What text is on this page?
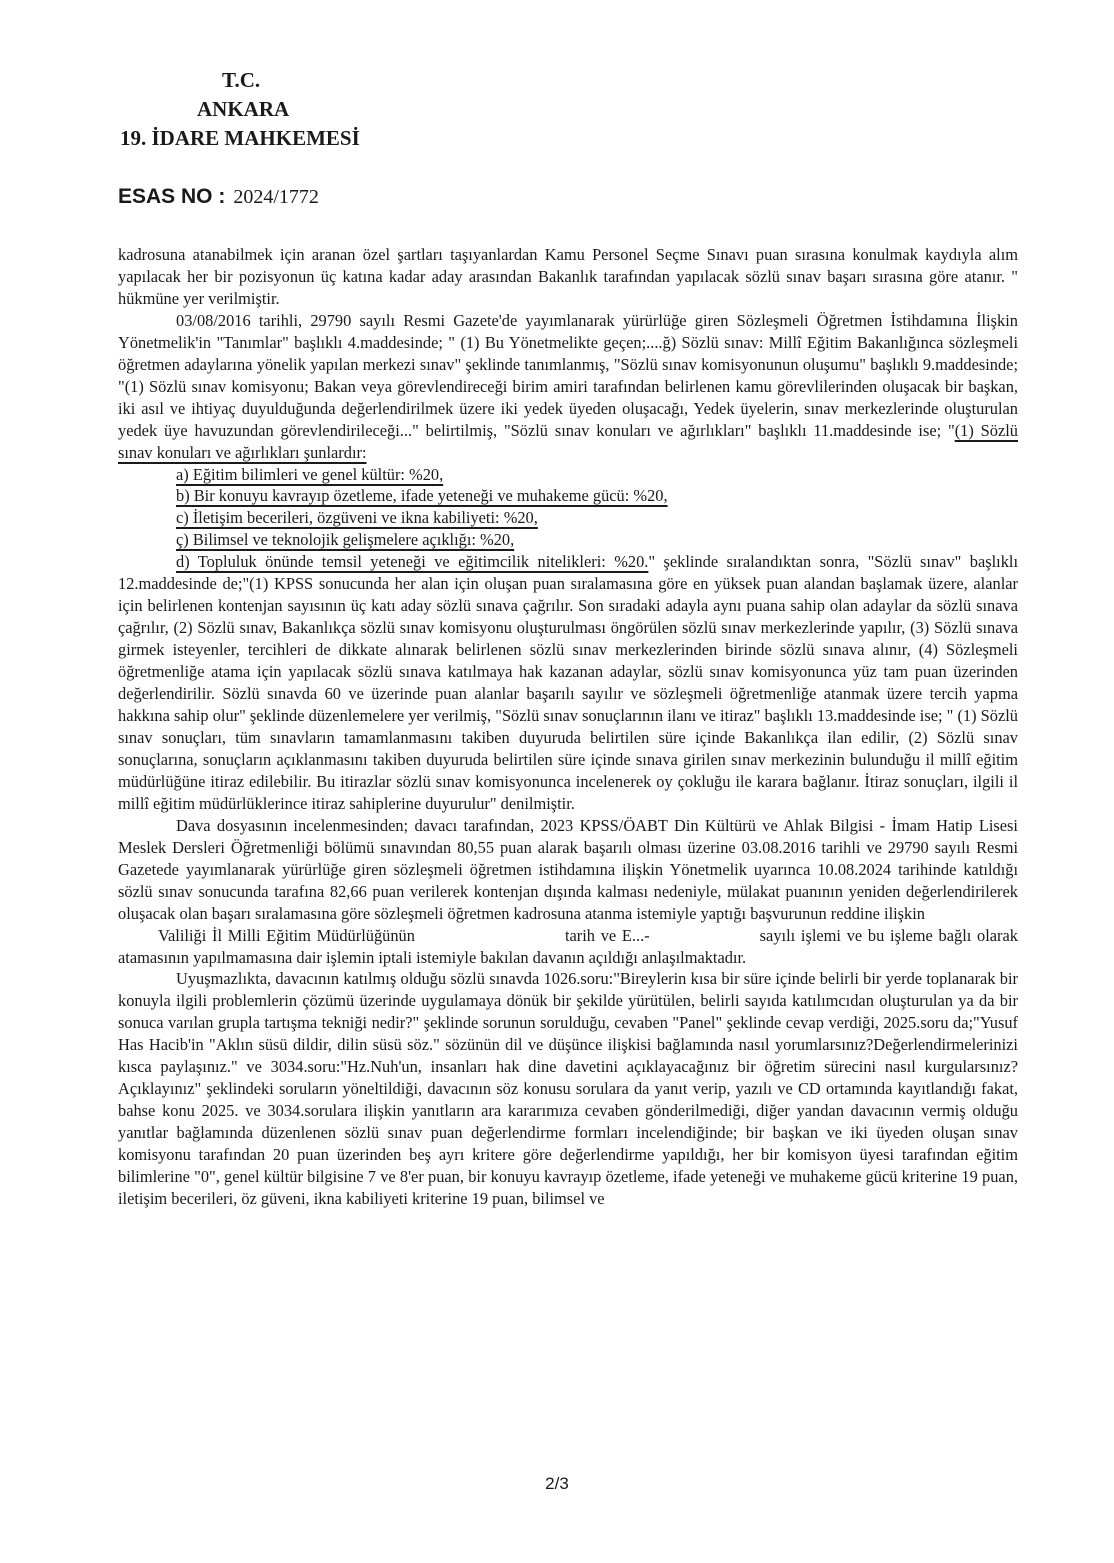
T.C.
ANKARA
19. İDARE MAHKEMESİ
ESAS NO : 2024/1772

kadrosuna atanabilmek için aranan özel şartları taşıyanlardan Kamu Personel Seçme Sınavı puan sırasına konulmak kaydıyla alım yapılacak her bir pozisyonun üç katına kadar aday arasından Bakanlık tarafından yapılacak sözlü sınav başarı sırasına göre atanır. " hükmüne yer verilmiştir.

03/08/2016 tarihli, 29790 sayılı Resmi Gazete'de yayımlanarak yürürlüğe giren Sözleşmeli Öğretmen İstihdamına İlişkin Yönetmelik'in "Tanımlar" başlıklı 4.maddesinde; " (1) Bu Yönetmelikte geçen;....ğ) Sözlü sınav: Millî Eğitim Bakanlığınca sözleşmeli öğretmen adaylarına yönelik yapılan merkezi sınav" şeklinde tanımlanmış, "Sözlü sınav komisyonunun oluşumu" başlıklı 9.maddesinde; "(1) Sözlü sınav komisyonu; Bakan veya görevlendireceği birim amiri tarafından belirlenen kamu görevlilerinden oluşacak bir başkan, iki asıl ve ihtiyaç duyulduğunda değerlendirilmek üzere iki yedek üyeden oluşacağı, Yedek üyelerin, sınav merkezlerinde oluşturulan yedek üye havuzundan görevlendirileceği..." belirtilmiş, "Sözlü sınav konuları ve ağırlıkları" başlıklı 11.maddesinde ise; "(1) Sözlü sınav konuları ve ağırlıkları şunlardır:

a) Eğitim bilimleri ve genel kültür: %20,

b) Bir konuyu kavrayıp özetleme, ifade yeteneği ve muhakeme gücü: %20,

c) İletişim becerileri, özgüveni ve ikna kabiliyeti: %20,

ç) Bilimsel ve teknolojik gelişmelere açıklığı: %20,

d) Topluluk önünde temsil yeteneği ve eğitimcilik nitelikleri: %20." şeklinde sıralandıktan sonra, "Sözlü sınav" başlıklı 12.maddesinde de;"(1) KPSS sonucunda her alan için oluşan puan sıralamasına göre en yüksek puan alandan başlamak üzere, alanlar için belirlenen kontenjan sayısının üç katı aday sözlü sınava çağrılır. Son sıradaki adayla aynı puana sahip olan adaylar da sözlü sınava çağrılır, (2) Sözlü sınav, Bakanlıkça sözlü sınav komisyonu oluşturulması öngörülen sözlü sınav merkezlerinde yapılır, (3) Sözlü sınava girmek isteyenler, tercihleri de dikkate alınarak belirlenen sözlü sınav merkezlerinden birinde sözlü sınava alınır, (4) Sözleşmeli öğretmenliğe atama için yapılacak sözlü sınava katılmaya hak kazanan adaylar, sözlü sınav komisyonunca yüz tam puan üzerinden değerlendirilir. Sözlü sınavda 60 ve üzerinde puan alanlar başarılı sayılır ve sözleşmeli öğretmenliğe atanmak üzere tercih yapma hakkına sahip olur" şeklinde düzenlemelere yer verilmiş, "Sözlü sınav sonuçlarının ilanı ve itiraz" başlıklı 13.maddesinde ise; " (1) Sözlü sınav sonuçları, tüm sınavların tamamlanmasını takiben duyuruda belirtilen süre içinde Bakanlıkça ilan edilir, (2) Sözlü sınav sonuçlarına, sonuçların açıklanmasını takiben duyuruda belirtilen süre içinde sınava girilen sınav merkezinin bulunduğu il millî eğitim müdürlüğüne itiraz edilebilir. Bu itirazlar sözlü sınav komisyonunca incelenerek oy çokluğu ile karara bağlanır. İtiraz sonuçları, ilgili il millî eğitim müdürlüklerince itiraz sahiplerine duyurulur" denilmiştir.

Dava dosyasının incelenmesinden; davacı tarafından, 2023 KPSS/ÖABT Din Kültürü ve Ahlak Bilgisi - İmam Hatip Lisesi Meslek Dersleri Öğretmenliği bölümü sınavından 80,55 puan alarak başarılı olması üzerine 03.08.2016 tarihli ve 29790 sayılı Resmi Gazetede yayımlanarak yürürlüğe giren sözleşmeli öğretmen istihdamına ilişkin Yönetmelik uyarınca 10.08.2024 tarihinde katıldığı sözlü sınav sonucunda tarafına 82,66 puan verilerek kontenjan dışında kalması nedeniyle, mülakat puanının yeniden değerlendirilerek oluşacak olan başarı sıralamasına göre sözleşmeli öğretmen kadrosuna atanma istemiyle yaptığı başvurunun reddine ilişkin

Valiliği İl Milli Eğitim Müdürlüğünün	tarih ve E...-	sayılı işlemi ve bu işleme bağlı olarak atamasının yapılmamasına dair işlemin iptali istemiyle bakılan davanın açıldığı anlaşılmaktadır.

Uyuşmazlıkta, davacının katılmış olduğu sözlü sınavda 1026.soru:"Bireylerin kısa bir süre içinde belirli bir yerde toplanarak bir konuyla ilgili problemlerin çözümü üzerinde uygulamaya dönük bir şekilde yürütülen, belirli sayıda katılımcıdan oluşturulan ya da bir sonuca varılan grupla tartışma tekniği nedir?" şeklinde sorunun sorulduğu, cevaben "Panel" şeklinde cevap verdiği, 2025.soru da;"Yusuf Has Hacib'in "Aklın süsü dildir, dilin süsü söz." sözünün dil ve düşünce ilişkisi bağlamında nasıl yorumlarsınız?Değerlendirmelerinizi kısca paylaşınız." ve 3034.soru:"Hz.Nuh'un, insanları hak dine davetini açıklayacağınız bir öğretim sürecini nasıl kurgularsınız?Açıklayınız" şeklindeki soruların yöneltildiği, davacının söz konusu sorulara da yanıt verip, yazılı ve CD ortamında kayıtlandığı fakat, bahse konu 2025. ve 3034.sorulara ilişkin yanıtların ara kararımıza cevaben gönderilmediği, diğer yandan davacının vermiş olduğu yanıtlar bağlamında düzenlenen sözlü sınav puan değerlendirme formları incelendiğinde; bir başkan ve iki üyeden oluşan sınav komisyonu tarafından 20 puan üzerinden beş ayrı kritere göre değerlendirme yapıldığı, her bir komisyon üyesi tarafından eğitim bilimlerine "0", genel kültür bilgisine 7 ve 8'er puan, bir konuyu kavrayıp özetleme, ifade yeteneği ve muhakeme gücü kriterine 19 puan, iletişim becerileri, öz güveni, ikna kabiliyeti kriterine 19 puan, bilimsel ve

2/3
